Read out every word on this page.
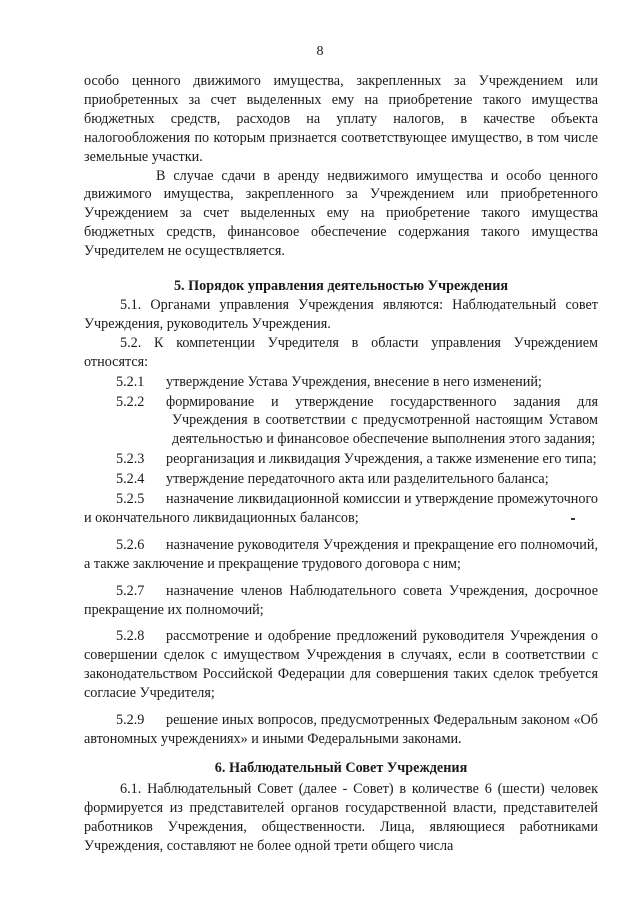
8

особо ценного движимого имущества, закрепленных за Учреждением или приобретенных за счет выделенных ему на приобретение такого имущества бюджетных средств, расходов на уплату налогов, в качестве объекта налогообложения по которым признается соответствующее имущество, в том числе земельные участки.

В случае сдачи в аренду недвижимого имущества и особо ценного движимого имущества, закрепленного за Учреждением или приобретенного Учреждением за счет выделенных ему на приобретение такого имущества бюджетных средств, финансовое обеспечение содержания такого имущества Учредителем не осуществляется.

5. Порядок управления деятельностью Учреждения

5.1. Органами управления Учреждения являются: Наблюдательный совет Учреждения, руководитель Учреждения.

5.2. К компетенции Учредителя в области управления Учреждением относятся:

5.2.1 утверждение Устава Учреждения, внесение в него изменений;

5.2.2 формирование и утверждение государственного задания для Учреждения в соответствии с предусмотренной настоящим Уставом деятельностью и финансовое обеспечение выполнения этого задания;

5.2.3 реорганизация и ликвидация Учреждения, а также изменение его типа;

5.2.4 утверждение передаточного акта или разделительного баланса;

5.2.5 назначение ликвидационной комиссии и утверждение промежуточного и окончательного ликвидационных балансов;

5.2.6 назначение руководителя Учреждения и прекращение его полномочий, а также заключение и прекращение трудового договора с ним;

5.2.7 назначение членов Наблюдательного совета Учреждения, досрочное прекращение их полномочий;

5.2.8 рассмотрение и одобрение предложений руководителя Учреждения о совершении сделок с имуществом Учреждения в случаях, если в соответствии с законодательством Российской Федерации для совершения таких сделок требуется согласие Учредителя;

5.2.9 решение иных вопросов, предусмотренных Федеральным законом «Об автономных учреждениях» и иными Федеральными законами.

6. Наблюдательный Совет Учреждения

6.1. Наблюдательный Совет (далее - Совет) в количестве 6 (шести) человек формируется из представителей органов государственной власти, представителей работников Учреждения, общественности. Лица, являющиеся работниками Учреждения, составляют не более одной трети общего числа
